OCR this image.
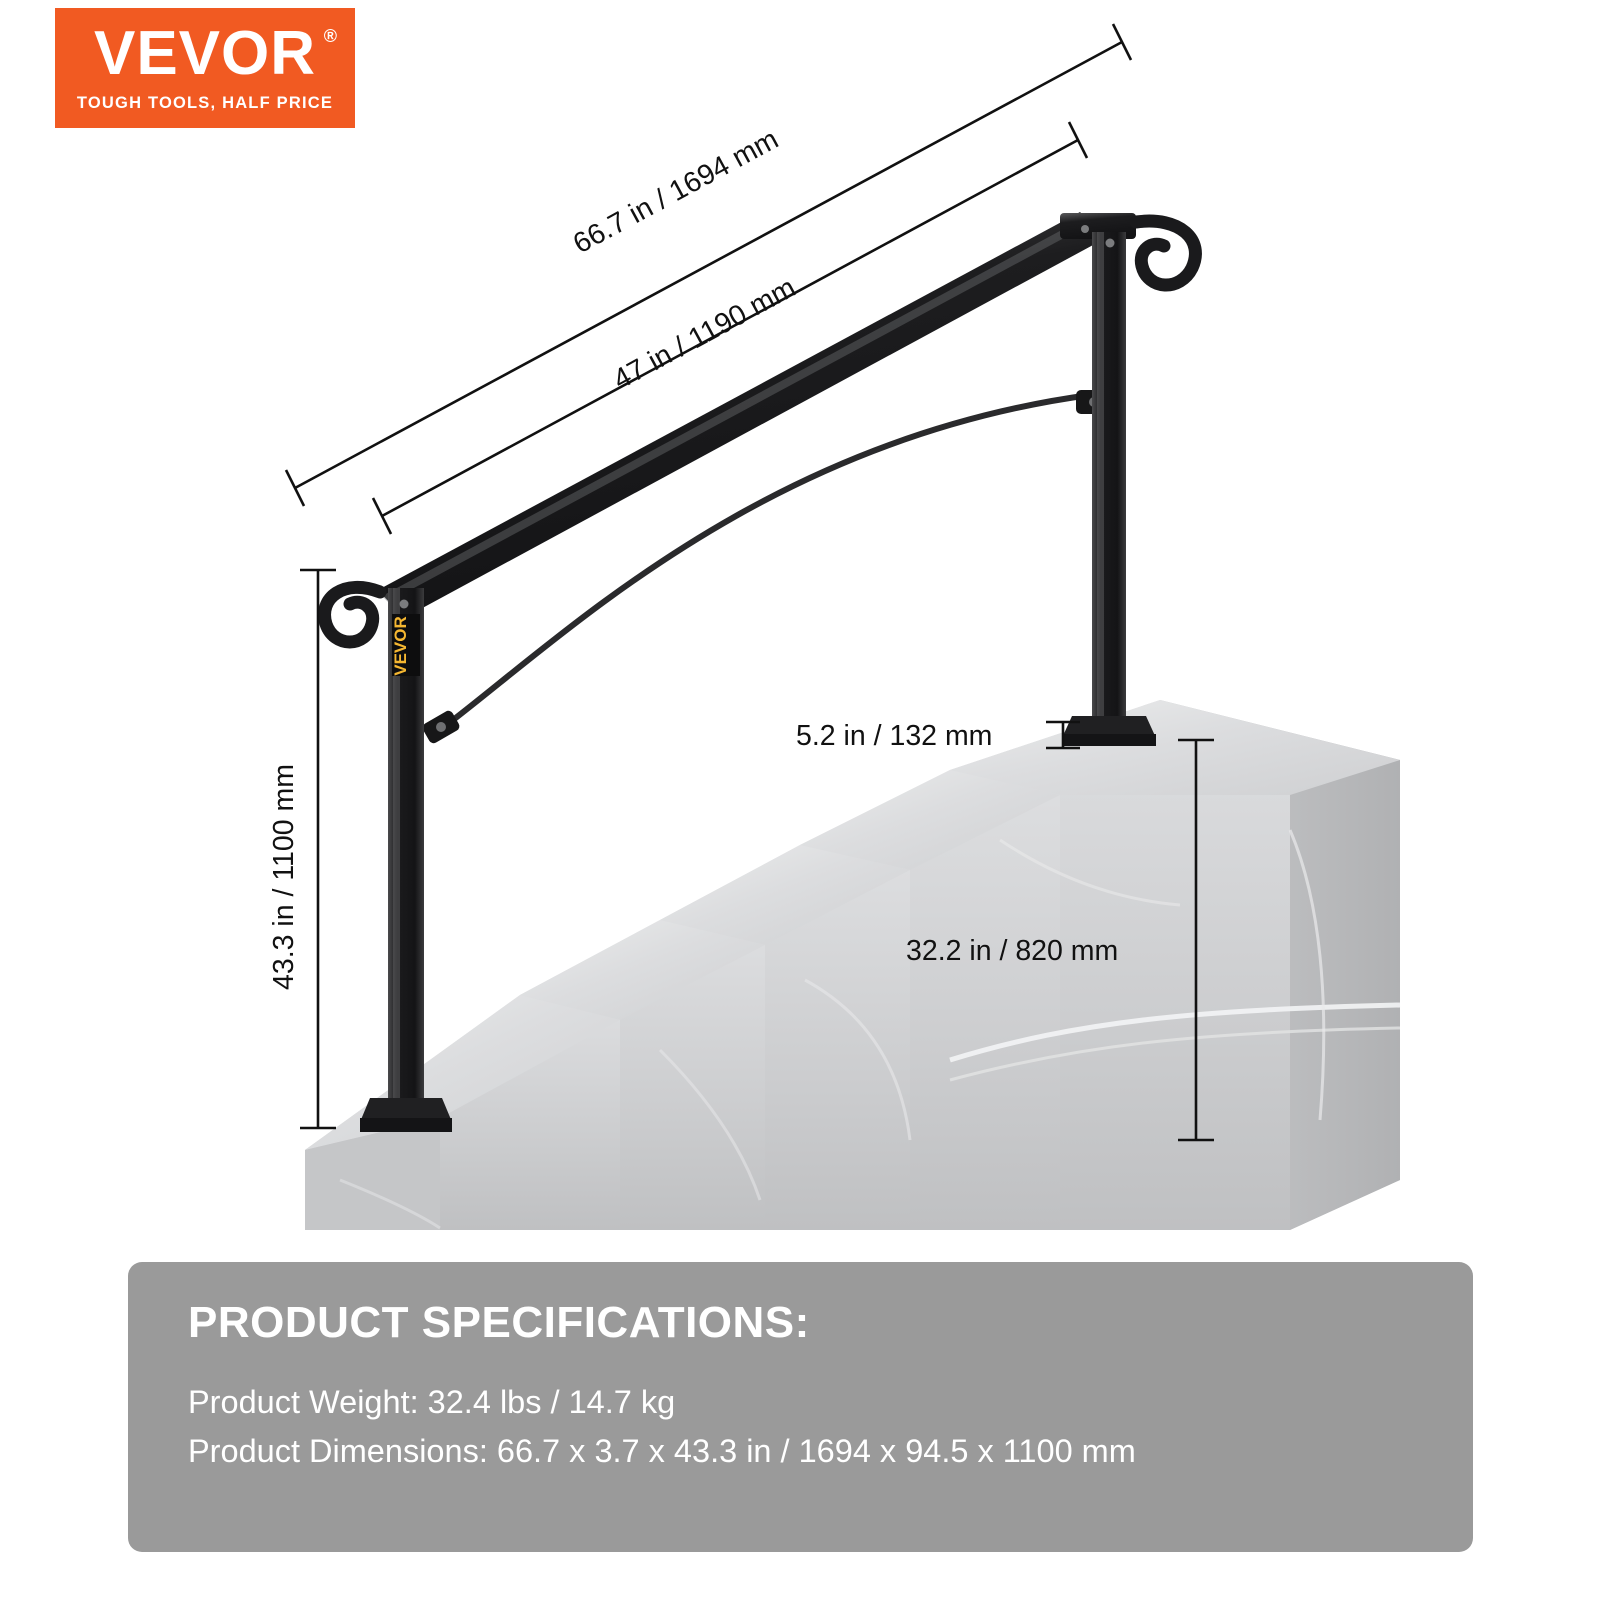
VEVOR ®
TOUGH TOOLS, HALF PRICE
VEVOR
66.7 in / 1694 mm
47 in / 1190 mm
43.3 in / 1100 mm
5.2 in / 132 mm
32.2 in / 820 mm
PRODUCT SPECIFICATIONS:
Product Weight: 32.4 lbs / 14.7 kg
Product Dimensions: 66.7 x 3.7 x 43.3 in / 1694 x 94.5 x 1100 mm
